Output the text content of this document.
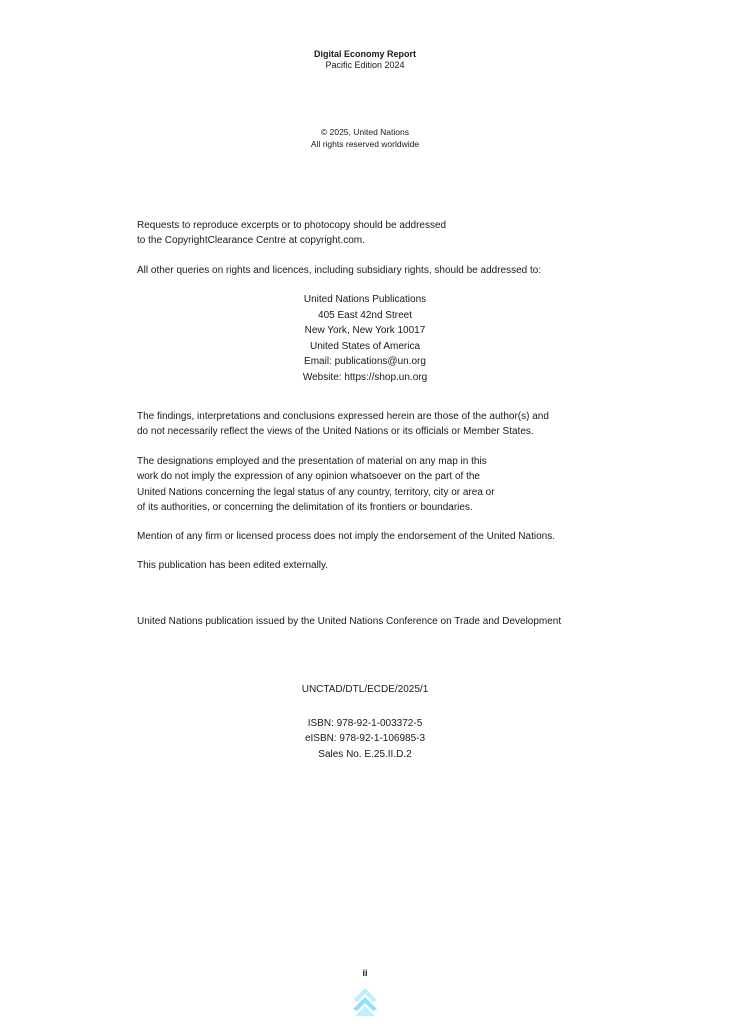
Digital Economy Report
Pacific Edition 2024
© 2025, United Nations
All rights reserved worldwide
Requests to reproduce excerpts or to photocopy should be addressed
to the CopyrightClearance Centre at copyright.com.
All other queries on rights and licences, including subsidiary rights, should be addressed to:
United Nations Publications
405 East 42nd Street
New York, New York 10017
United States of America
Email: publications@un.org
Website: https://shop.un.org
The findings, interpretations and conclusions expressed herein are those of the author(s) and
do not necessarily reflect the views of the United Nations or its officials or Member States.
The designations employed and the presentation of material on any map in this
work do not imply the expression of any opinion whatsoever on the part of the
United Nations concerning the legal status of any country, territory, city or area or
of its authorities, or concerning the delimitation of its frontiers or boundaries.
Mention of any firm or licensed process does not imply the endorsement of the United Nations.
This publication has been edited externally.
United Nations publication issued by the United Nations Conference on Trade and Development
UNCTAD/DTL/ECDE/2025/1
ISBN: 978-92-1-003372-5
eISBN: 978-92-1-106985-3
Sales No. E.25.II.D.2
ii
